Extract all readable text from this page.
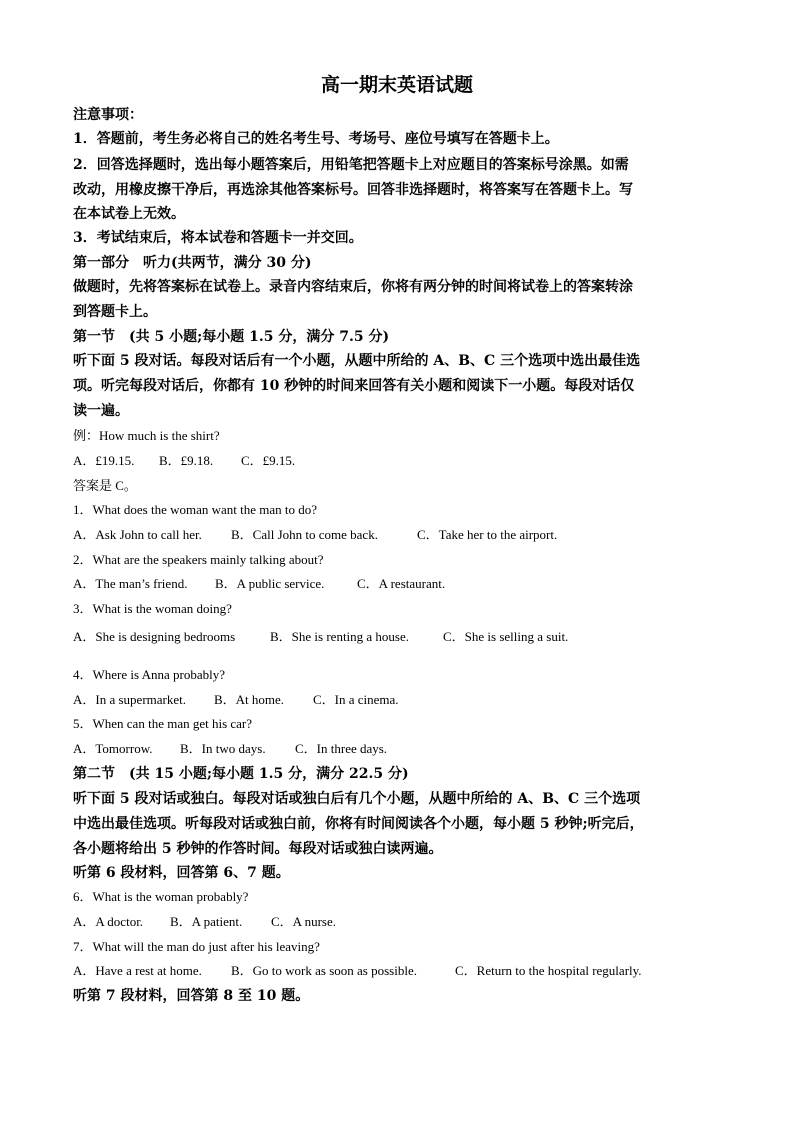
高一期末英语试题
注意事项：
1．答题前，考生务必将自己的姓名考生号、考场号、座位号填写在答题卡上。
2．回答选择题时，选出每小题答案后，用铅笔把答题卡上对应题目的答案标号涂黑。如需
改动，用橡皮擦干净后，再选涂其他答案标号。回答非选择题时，将答案写在答题卡上。写
在本试卷上无效。
3．考试结束后，将本试卷和答题卡一并交回。
第一部分　听力(共两节，满分 30 分)
做题时，先将答案标在试卷上。录音内容结束后，你将有两分钟的时间将试卷上的答案转涂
到答题卡上。
第一节　(共 5 小题;每小题 1.5 分，满分 7.5 分)
听下面 5 段对话。每段对话后有一个小题，从题中所给的 A、B、C 三个选项中选出最佳选
项。听完每段对话后，你都有 10 秒钟的时间来回答有关小题和阅读下一小题。每段对话仅
读一遍。
例：How much is the shirt?
A．£19.15. B．£9.18. C．£9.15.
答案是 C。
1．What does the woman want the man to do?
A．Ask John to call her. B．Call John to come back.	C．Take her to the airport.
2．What are the speakers mainly talking about?
A．The man’s friend. B．A public service.	C．A restaurant.
3．What is the woman doing?
A．She is designing bedrooms	B．She is renting a house.	C．She is selling a suit.
4．Where is Anna probably?
A．In a supermarket. B．At home. C．In a cinema.
5．When can the man get his car?
A．Tomorrow. B．In two days. C．In three days.
第二节　(共 15 小题;每小题 1.5 分，满分 22.5 分)
听下面 5 段对话或独白。每段对话或独白后有几个小题，从题中所给的 A、B、C 三个选项
中选出最佳选项。听每段对话或独白前，你将有时间阅读各个小题，每小题 5 秒钟;听完后，
各小题将给出 5 秒钟的作答时间。每段对话或独白读两遍。
听第 6 段材料，回答第 6、7 题。
6．What is the woman probably?
A．A doctor. B．A patient. C．A nurse.
7．What will the man do just after his leaving?
A．Have a rest at home. B．Go to work as soon as possible.	C．Return to the hospital regularly.
听第 7 段材料，回答第 8 至 10 题。
